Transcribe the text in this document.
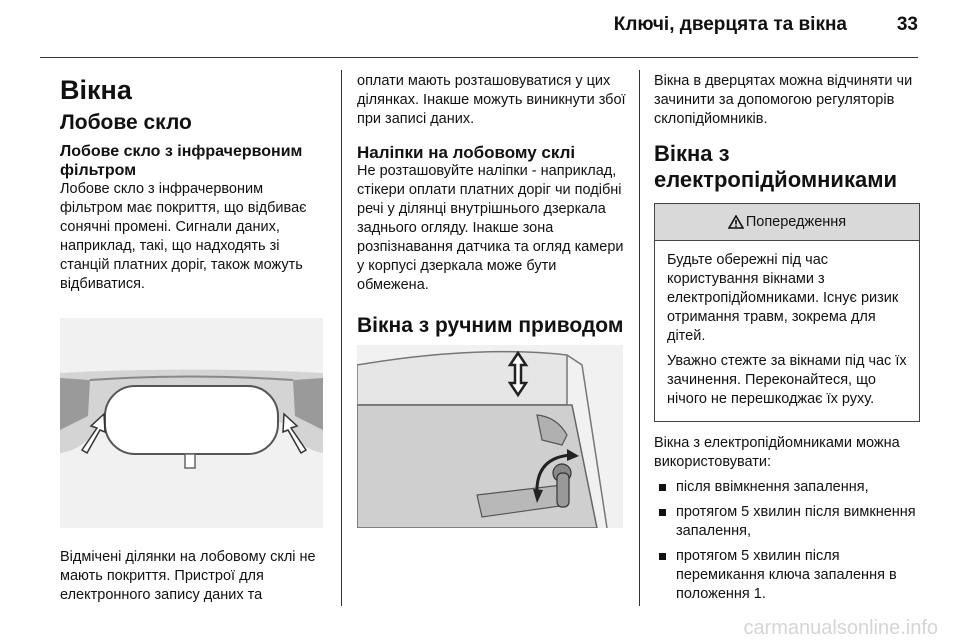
Ключі, дверцята та вікна	33
Вікна
Лобове скло
Лобове скло з інфрачервоним фільтром

Лобове скло з інфрачервоним фільтром має покриття, що відбиває сонячні промені. Сигнали даних, наприклад, такі, що надходять зі станцій платних доріг, також можуть відбиватися.

Відмічені ділянки на лобовому склі не мають покриття. Пристрої для електронного запису даних та

оплати мають розташовуватися у цих ділянках. Інакше можуть виникнути збої при записі даних.

Наліпки на лобовому склі

Не розташовуйте наліпки - наприклад, стікери оплати платних доріг чи подібні речі у ділянці внутрішнього дзеркала заднього огляду. Інакше зона розпізнавання датчика та огляд камери у корпусі дзеркала може бути обмежена.

Вікна з ручним приводом

Вікна в дверцятах можна відчиняти чи зачинити за допомогою регуляторів склопідйомників.

Вікна з електропідйомниками
Попередження

Будьте обережні під час користування вікнами з електропідйомниками. Існує ризик отримання травм, зокрема для дітей.

Уважно стежте за вікнами під час їх зачинення. Переконайтеся, що нічого не перешкоджає їх руху.

Вікна з електропідйомниками можна використовувати:

після ввімкнення запалення,
протягом 5 хвилин після вимкнення запалення,
протягом 5 хвилин після перемикання ключа запалення в положення 1.
carmanualsonline.info
